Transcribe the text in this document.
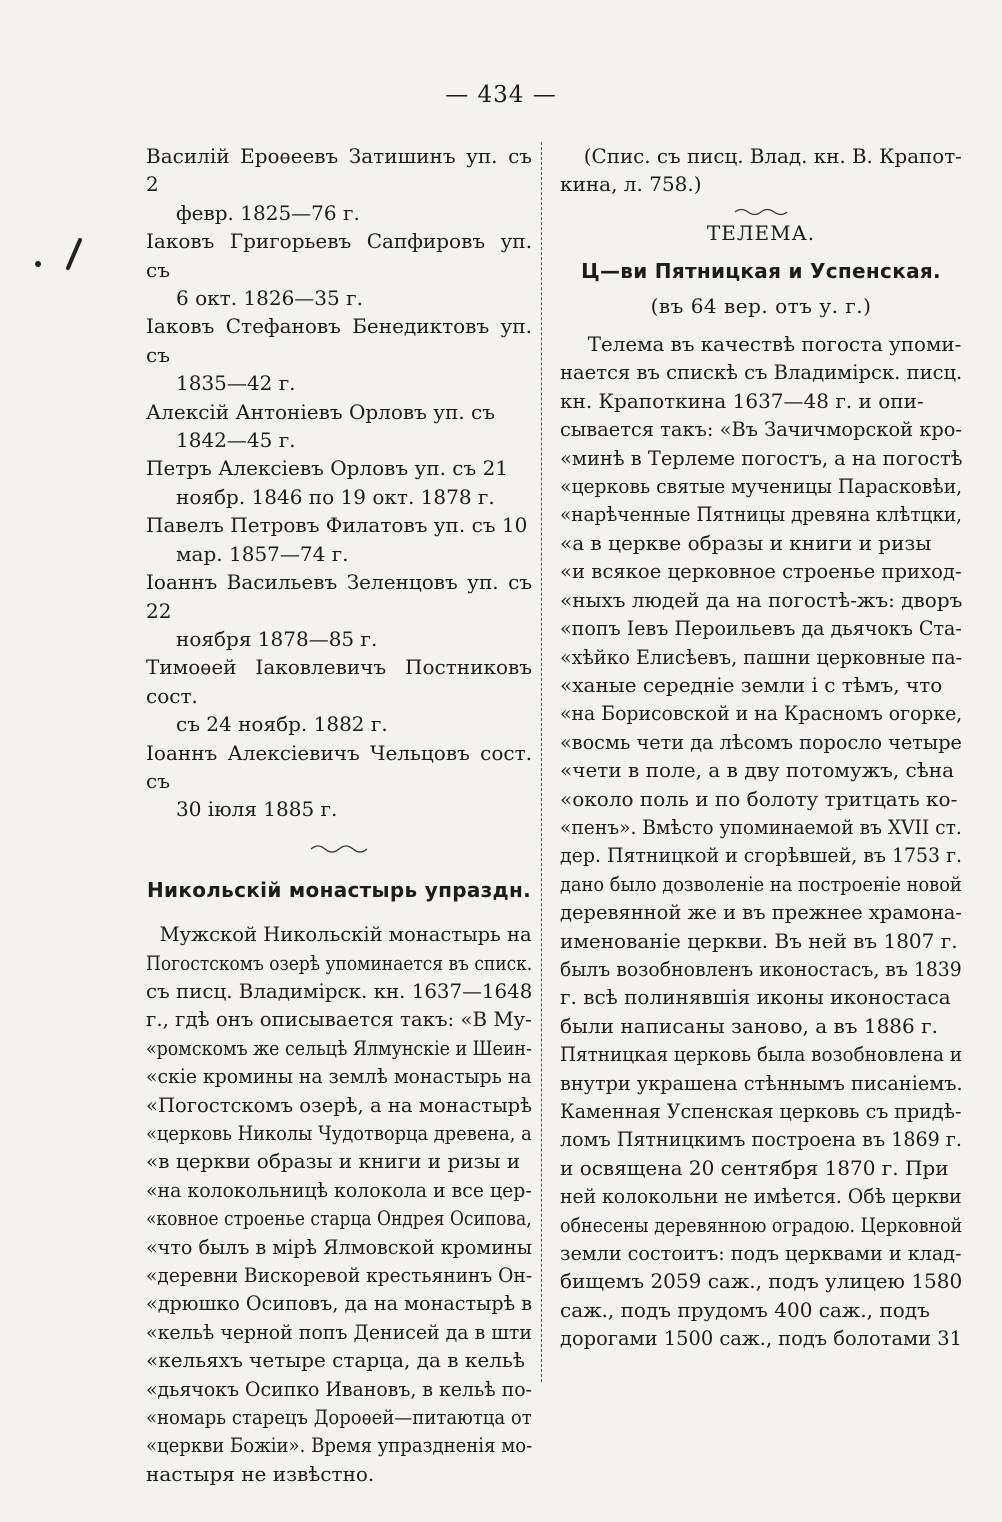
— 434 —

Василій Ероѳеевъ Затишинъ уп. съ 2
февр. 1825—76 г.

Іаковъ Григорьевъ Сапфировъ уп. съ
6 окт. 1826—35 г.

Іаковъ Стефановъ Бенедиктовъ уп. съ
1835—42 г.

Алексій Антоніевъ Орловъ уп. съ
1842—45 г.

Петръ Алексіевъ Орловъ уп. съ 21
ноябр. 1846 по 19 окт. 1878 г.

Павелъ Петровъ Филатовъ уп. съ 10
мар. 1857—74 г.

Іоаннъ Васильевъ Зеленцовъ уп. съ 22
ноября 1878—85 г.

Тимоѳей Іаковлевичъ Постниковъ сост.
съ 24 ноябр. 1882 г.

Іоаннъ Алексіевичъ Чельцовъ сост. съ
30 іюля 1885 г.

Никольскій монастырь упраздн.

Мужской Никольскій монастырь на

Погостскомъ озерѣ упоминается въ списк.

съ писц. Владимірск. кн. 1637—1648

г., гдѣ онъ описывается такъ: «В Му-

«ромскомъ же сельцѣ Ялмунскіе и Шеин-

«скіе кромины на землѣ монастырь на

«Погостскомъ озерѣ, а на монастырѣ

«церковь Николы Чудотворца древена, а

«в церкви образы и книги и ризы и

«на колокольницѣ колокола и все цер-

«ковное строенье старца Ондрея Осипова,

«что былъ в мірѣ Ялмовской кромины

«деревни Вискоревой крестьянинъ Он-

«дрюшко Осиповъ, да на монастырѣ в

«кельѣ черной попъ Денисей да в шти

«кельяхъ четыре старца, да в кельѣ

«дьячокъ Осипко Ивановъ, в кельѣ по-

«номарь старецъ Дороѳей—питаютца от

«церкви Божіи». Время упраздненія мо-

настыря не извѣстно.

(Спис. съ писц. Влад. кн. В. Крапот-

кина, л. 758.)

ТЕЛЕМА.

Ц—ви Пятницкая и Успенская.

(въ 64 вер. отъ у. г.)

Телема въ качествѣ погоста упоми-

нается въ спискѣ съ Владимірск. писц.

кн. Крапоткина 1637—48 г. и опи-

сывается такъ: «Въ Зачичморской кро-

«минѣ в Терлеме погостъ, а на погостѣ

«церковь святые мученицы Парасковѣи,

«нарѣченные Пятницы древяна клѣтцки,

«а в церкве образы и книги и ризы

«и всякое церковное строенье приход-

«ныхъ людей да на погостѣ-жъ: дворъ

«попъ Іевъ Пероильевъ да дьячокъ Ста-

«хѣйко Елисѣевъ, пашни церковные па-

«ханые середніе земли і с тѣмъ, что

«на Борисовской и на Красномъ огорке,

«восмь чети да лѣсомъ поросло четыре

«чети в поле, а в дву потомужъ, сѣна

«около поль и по болоту тритцать ко-

«пенъ». Вмѣсто упоминаемой въ XVII ст.

дер. Пятницкой и сгорѣвшей, въ 1753 г.

дано было дозволеніе на построеніе новой

деревянной же и въ прежнее храмона-

именованіе церкви. Въ ней въ 1807 г.

былъ возобновленъ иконостасъ, въ 1839

г. всѣ полинявшія иконы иконостаса

были написаны заново, а въ 1886 г.

Пятницкая церковь была возобновлена и

внутри украшена стѣннымъ писаніемъ.

Каменная Успенская церковь съ придѣ-

ломъ Пятницкимъ построена въ 1869 г.

и освящена 20 сентября 1870 г. При

ней колокольни не имѣется. Обѣ церкви

обнесены деревянною оградою. Церковной

земли состоитъ: подъ церквами и клад-

бищемъ 2059 саж., подъ улицею 1580

саж., подъ прудомъ 400 саж., подъ

дорогами 1500 саж., подъ болотами 31
